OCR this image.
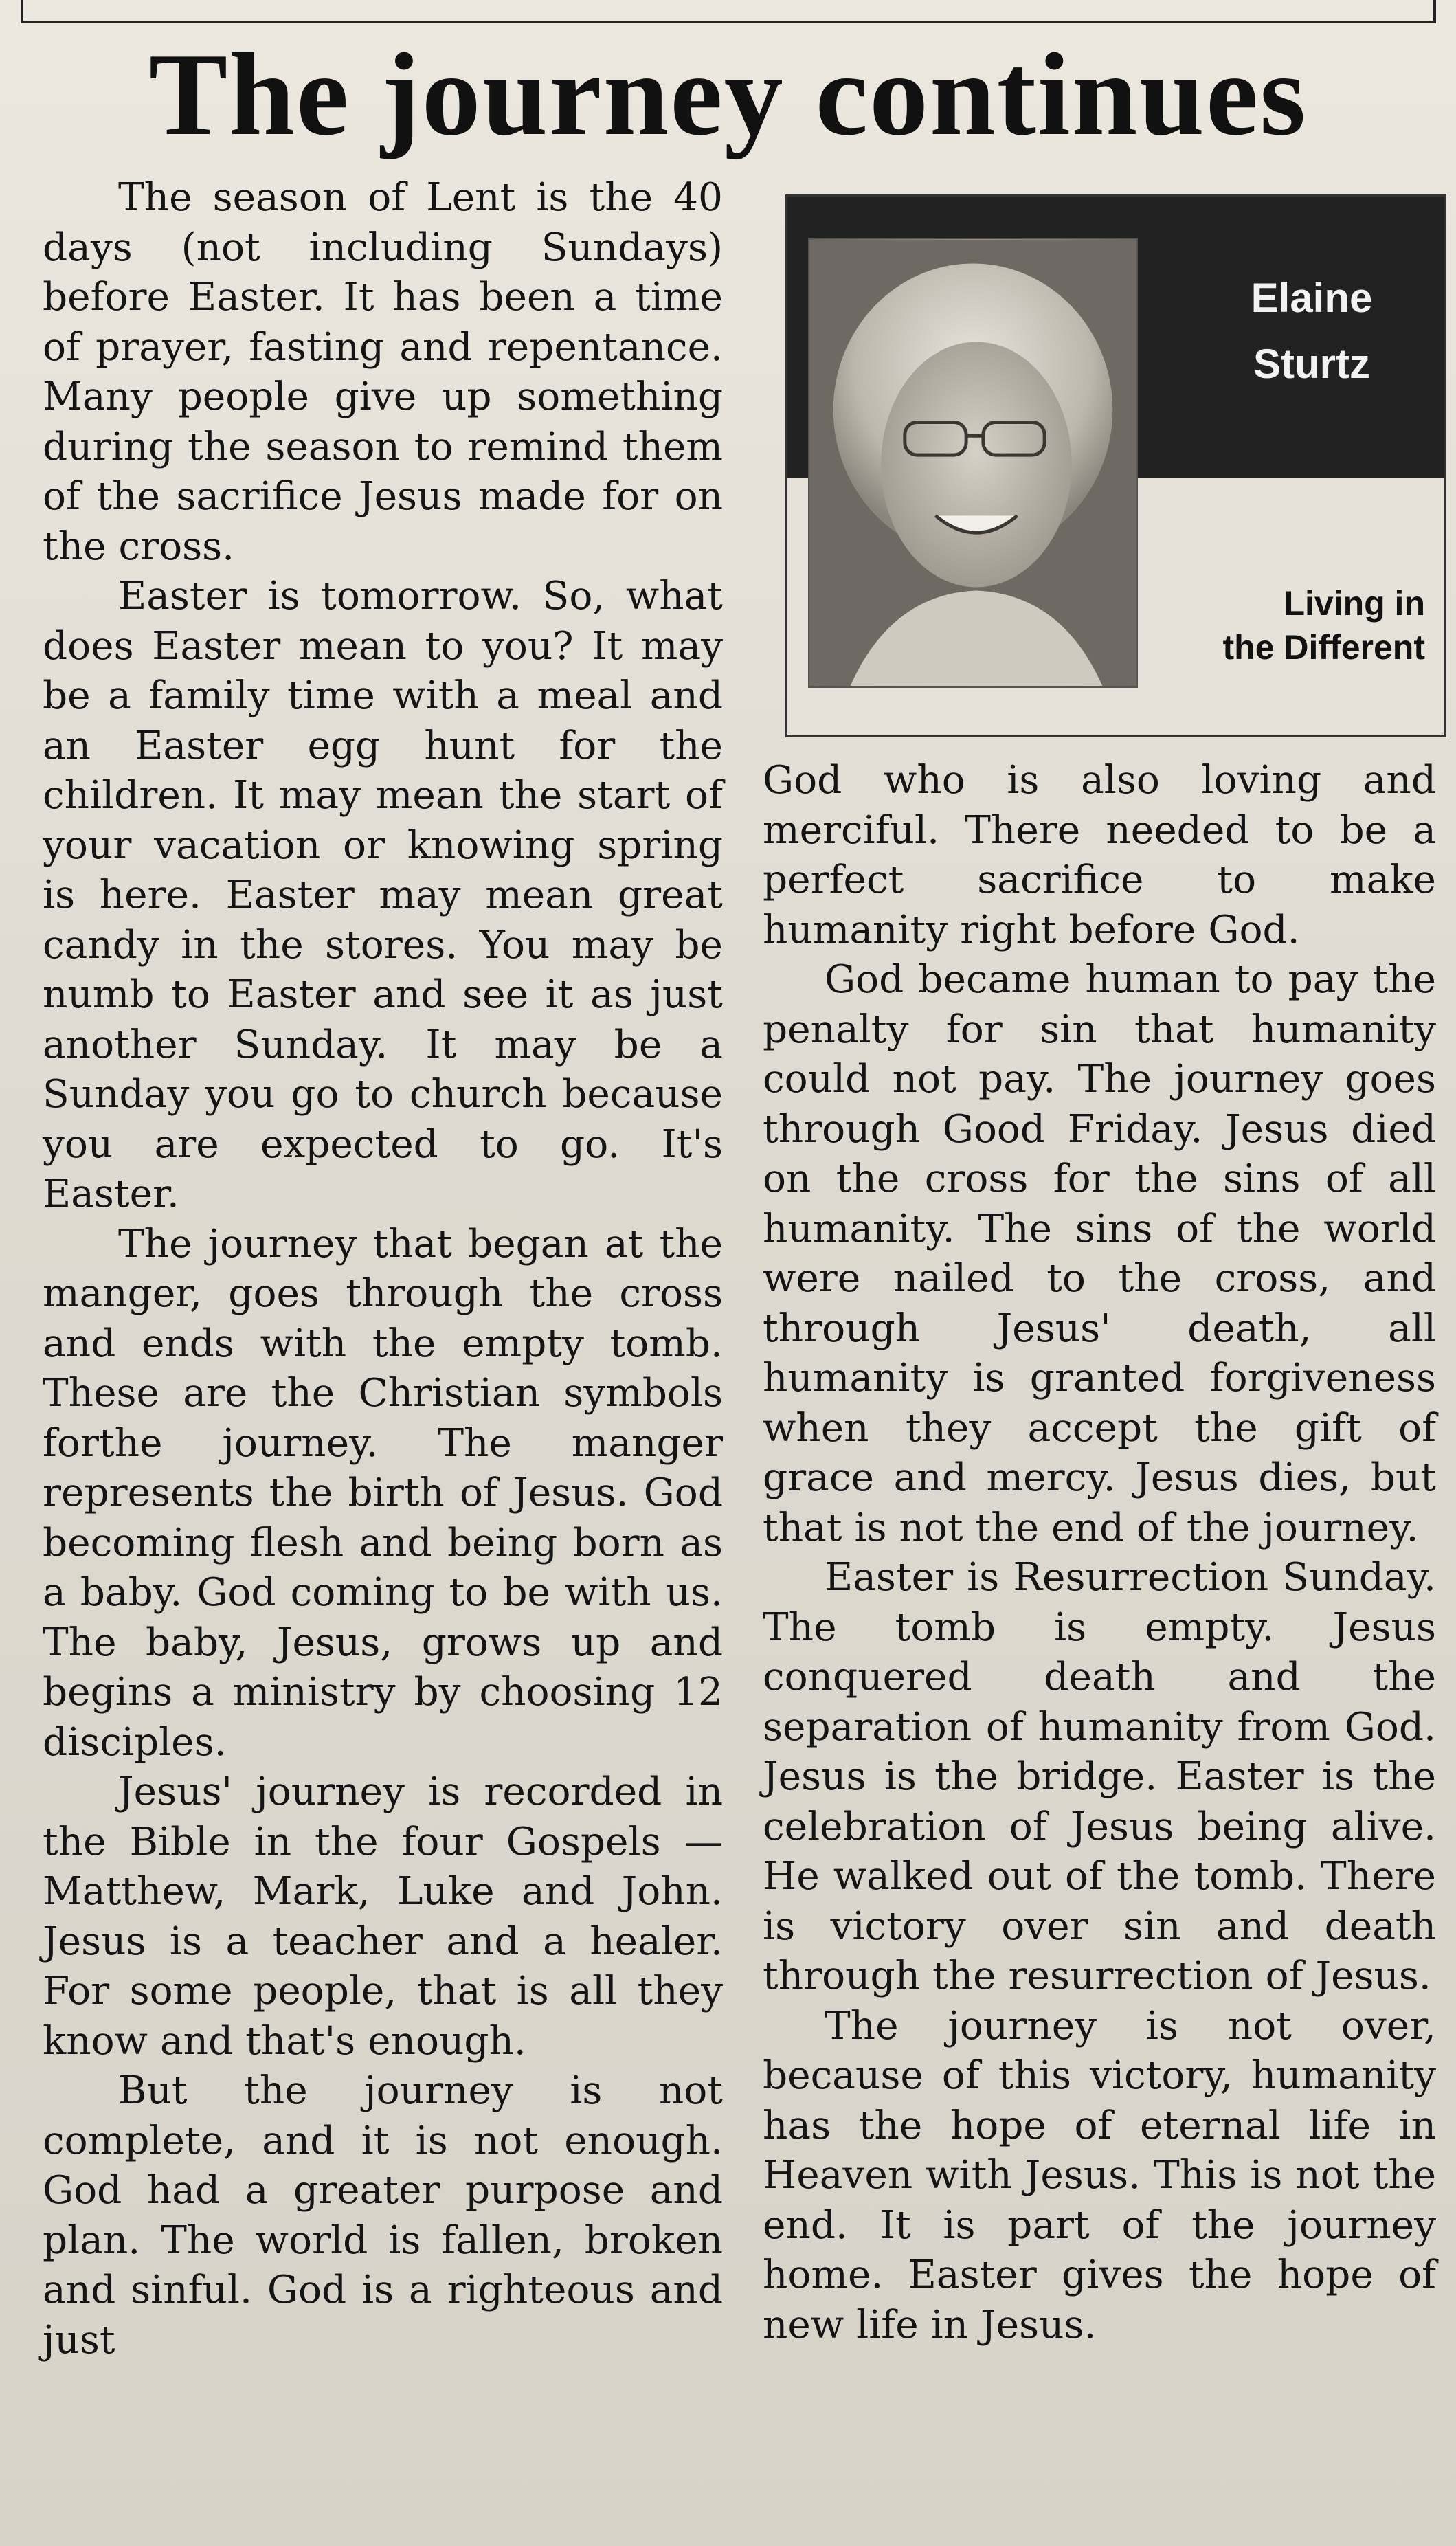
The journey continues

The season of Lent is the 40 days (not including Sundays) before Easter. It has been a time of prayer, fasting and repentance. Many people give up something during the season to remind them of the sacrifice Jesus made for on the cross.

Easter is tomorrow. So, what does Easter mean to you? It may be a family time with a meal and an Easter egg hunt for the children. It may mean the start of your vacation or knowing spring is here. Easter may mean great candy in the stores. You may be numb to Easter and see it as just another Sunday. It may be a Sunday you go to church because you are expected to go. It's Easter.

The journey that began at the manger, goes through the cross and ends with the empty tomb. These are the Christian symbols forthe journey. The manger represents the birth of Jesus. God becoming flesh and being born as a baby. God coming to be with us. The baby, Jesus, grows up and begins a ministry by choosing 12 disciples.

Jesus' journey is recorded in the Bible in the four Gospels — Matthew, Mark, Luke and John. Jesus is a teacher and a healer. For some people, that is all they know and that's enough.

But the journey is not complete, and it is not enough. God had a greater purpose and plan. The world is fallen, broken and sinful. God is a righteous and just

Elaine
Sturtz
Living in
the Different

God who is also loving and merciful. There needed to be a perfect sacrifice to make humanity right before God.

God became human to pay the penalty for sin that humanity could not pay. The journey goes through Good Friday. Jesus died on the cross for the sins of all humanity. The sins of the world were nailed to the cross, and through Jesus' death, all humanity is granted forgiveness when they accept the gift of grace and mercy. Jesus dies, but that is not the end of the journey.

Easter is Resurrection Sunday. The tomb is empty. Jesus conquered death and the separation of humanity from God. Jesus is the bridge. Easter is the celebration of Jesus being alive. He walked out of the tomb. There is victory over sin and death through the resurrection of Jesus.

The journey is not over, because of this victory, humanity has the hope of eternal life in Heaven with Jesus. This is not the end. It is part of the journey home. Easter gives the hope of new life in Jesus.
